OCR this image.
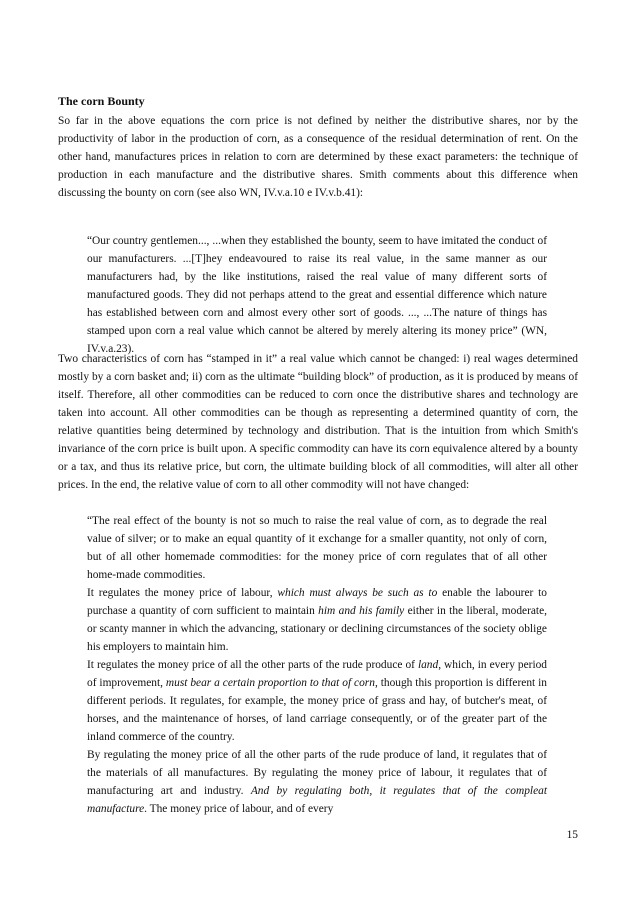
The corn Bounty

So far in the above equations the corn price is not defined by neither the distributive shares, nor by the productivity of labor in the production of corn, as a consequence of the residual determination of rent. On the other hand, manufactures prices in relation to corn are determined by these exact parameters: the technique of production in each manufacture and the distributive shares. Smith comments about this difference when discussing the bounty on corn (see also WN, IV.v.a.10 e IV.v.b.41):

“Our country gentlemen..., ...when they established the bounty, seem to have imitated the conduct of our manufacturers. ...[T]hey endeavoured to raise its real value, in the same manner as our manufacturers had, by the like institutions, raised the real value of many different sorts of manufactured goods. They did not perhaps attend to the great and essential difference which nature has established between corn and almost every other sort of goods. ..., ...The nature of things has stamped upon corn a real value which cannot be altered by merely altering its money price” (WN, IV.v.a.23).

Two characteristics of corn has “stamped in it” a real value which cannot be changed: i) real wages determined mostly by a corn basket and; ii) corn as the ultimate “building block” of production, as it is produced by means of itself. Therefore, all other commodities can be reduced to corn once the distributive shares and technology are taken into account. All other commodities can be though as representing a determined quantity of corn, the relative quantities being determined by technology and distribution. That is the intuition from which Smith's invariance of the corn price is built upon. A specific commodity can have its corn equivalence altered by a bounty or a tax, and thus its relative price, but corn, the ultimate building block of all commodities, will alter all other prices. In the end, the relative value of corn to all other commodity will not have changed:

“The real effect of the bounty is not so much to raise the real value of corn, as to degrade the real value of silver; or to make an equal quantity of it exchange for a smaller quantity, not only of corn, but of all other homemade commodities: for the money price of corn regulates that of all other home-made commodities.

It regulates the money price of labour, which must always be such as to enable the labourer to purchase a quantity of corn sufficient to maintain him and his family either in the liberal, moderate, or scanty manner in which the advancing, stationary or declining circumstances of the society oblige his employers to maintain him.

It regulates the money price of all the other parts of the rude produce of land, which, in every period of improvement, must bear a certain proportion to that of corn, though this proportion is different in different periods. It regulates, for example, the money price of grass and hay, of butcher's meat, of horses, and the maintenance of horses, of land carriage consequently, or of the greater part of the inland commerce of the country.

By regulating the money price of all the other parts of the rude produce of land, it regulates that of the materials of all manufactures. By regulating the money price of labour, it regulates that of manufacturing art and industry. And by regulating both, it regulates that of the compleat manufacture. The money price of labour, and of every

15
